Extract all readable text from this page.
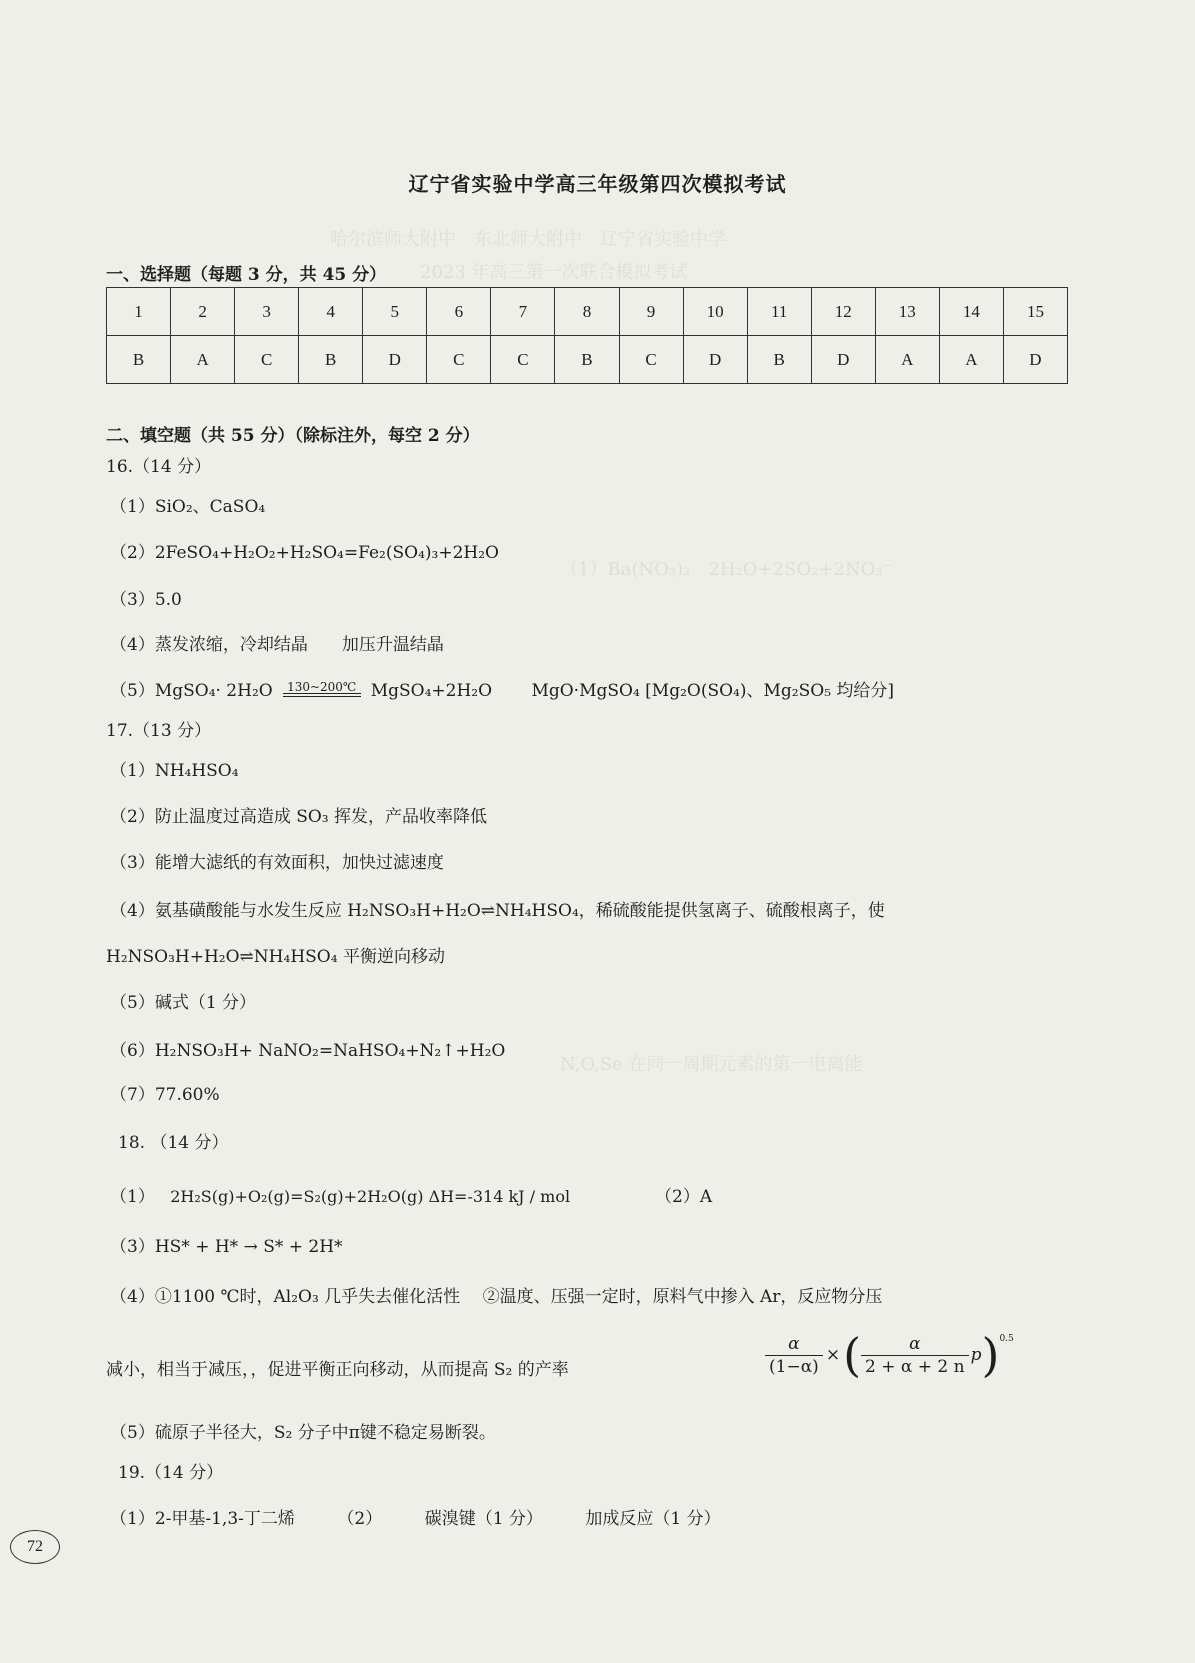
哈尔滨师大附中　东北师大附中　辽宁省实验中学
2023 年高三第一次联合模拟考试
（1）Ba(NO₃)₂　2H₂O+2SO₂+2NO₃⁻
N,O,Se 在同一周期元素的第一电离能
辽宁省实验中学高三年级第四次模拟考试
一、选择题（每题 3 分，共 45 分）
1	2	3	4	5	6	7	8	9	10	11	12	13	14	15
B	A	C	B	D	C	C	B	C	D	B	D	A	A	D
二、填空题（共 55 分）（除标注外，每空 2 分）
16.（14 分）
（1）SiO₂、CaSO₄
（2）2FeSO₄+H₂O₂+H₂SO₄=Fe₂(SO₄)₃+2H₂O
（3）5.0
（4）蒸发浓缩，冷却结晶　　加压升温结晶
（5）MgSO₄· 2H₂O	130~200℃ MgSO₄+2H₂O　　 MgO·MgSO₄ [Mg₂O(SO₄)、Mg₂SO₅ 均给分]
17.（13 分）
（1）NH₄HSO₄
（2）防止温度过高造成 SO₃ 挥发，产品收率降低
（3）能增大滤纸的有效面积，加快过滤速度
（4）氨基磺酸能与水发生反应 H₂NSO₃H+H₂O⇌NH₄HSO₄，稀硫酸能提供氢离子、硫酸根离子，使
H₂NSO₃H+H₂O⇌NH₄HSO₄ 平衡逆向移动
（5）碱式（1 分）
（6）H₂NSO₃H+ NaNO₂=NaHSO₄+N₂↑+H₂O
（7）77.60%
18. （14 分）
（1） 2H₂S(g)+O₂(g)=S₂(g)+2H₂O(g) ΔH=-314 kJ / mol	（2）A
（3）HS* + H* → S* + 2H*
（4）①1100 ℃时，Al₂O₃ 几乎失去催化活性　 ②温度、压强一定时，原料气中掺入 Ar，反应物分压
减小，相当于减压，，促进平衡正向移动，从而提高 S₂ 的产率	$\frac{\alpha}{(1-\alpha)}$ × ( $\frac{\alpha}{2 + \alpha + 2 n}$ p ) 0.5
（5）硫原子半径大，S₂ 分子中π键不稳定易断裂。
19.（14 分）
（1）2-甲基-1,3-丁二烯　　　（2）　　　碳溴键（1 分）　　　加成反应（1 分）
72
